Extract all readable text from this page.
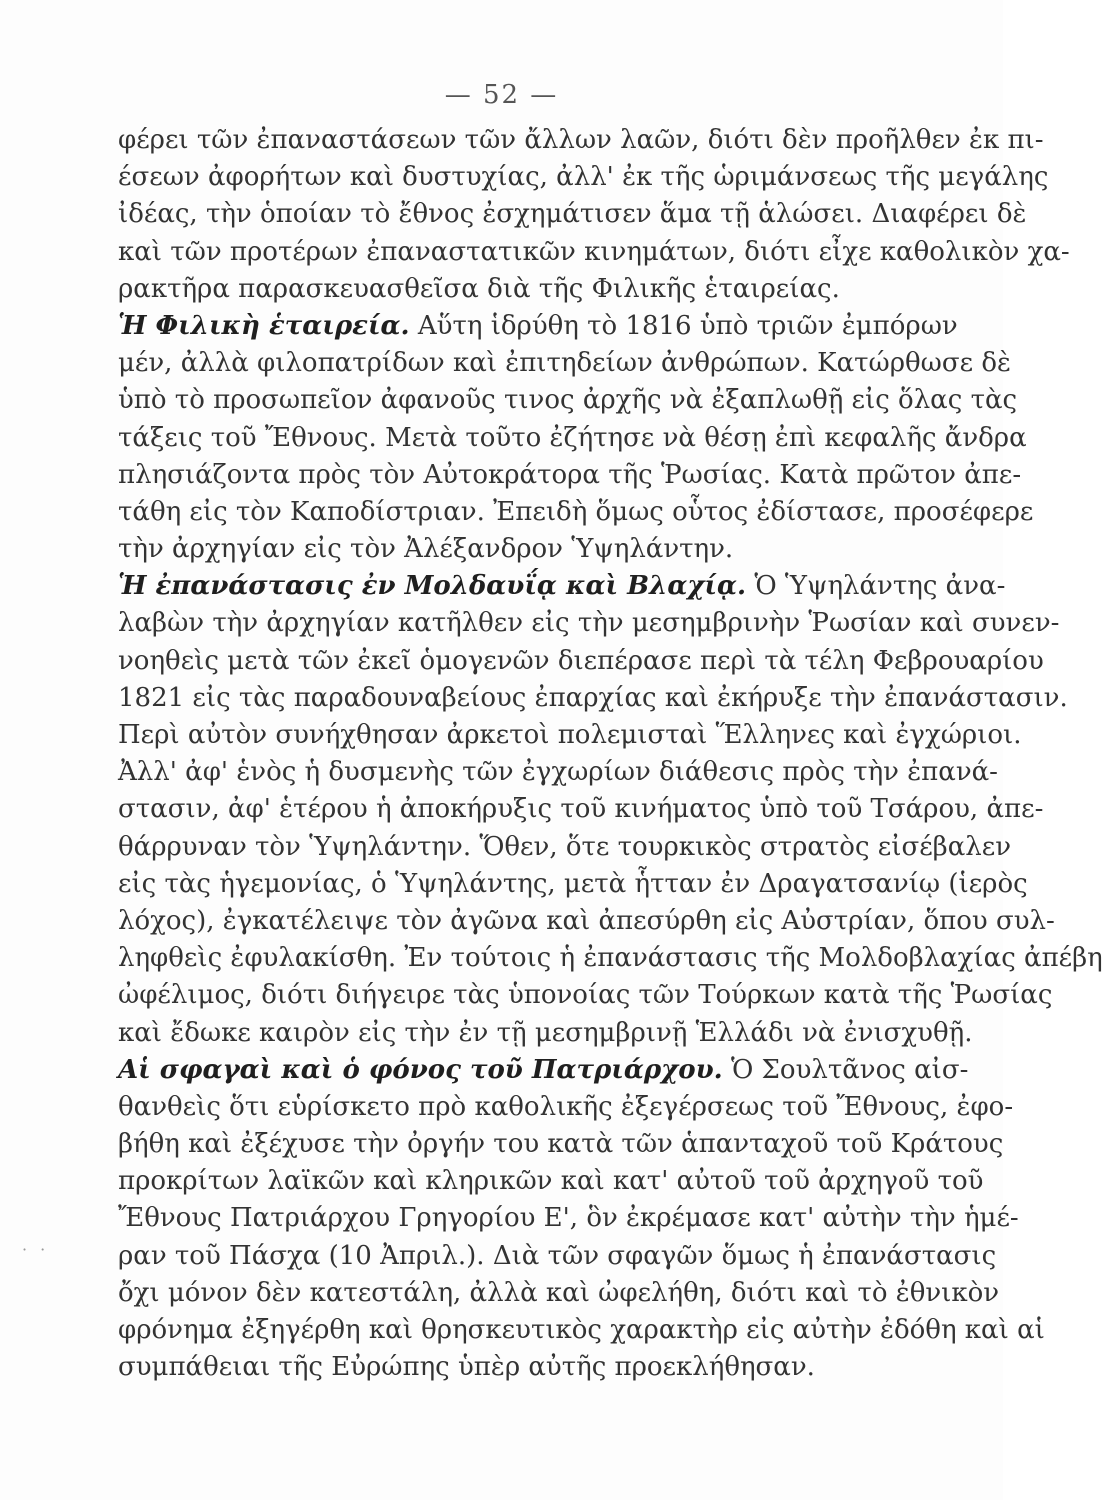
— 52 —
φέρει τῶν ἐπαναστάσεων τῶν ἄλλων λαῶν, διότι δὲν προῆλθεν ἐκ πι-
έσεων ἀφορήτων καὶ δυστυχίας, ἀλλ' ἐκ τῆς ὡριμάνσεως τῆς μεγάλης
ἰδέας, τὴν ὁποίαν τὸ ἔθνος ἐσχημάτισεν ἅμα τῇ ἁλώσει. Διαφέρει δὲ
καὶ τῶν προτέρων ἐπαναστατικῶν κινημάτων, διότι εἶχε καθολικὸν χα-
ρακτῆρα παρασκευασθεῖσα διὰ τῆς Φιλικῆς ἑταιρείας.
Ἡ Φιλικὴ ἑταιρεία. Αὕτη ἱδρύθη τὸ 1816 ὑπὸ τριῶν ἐμπόρων
μέν, ἀλλὰ φιλοπατρίδων καὶ ἐπιτηδείων ἀνθρώπων. Κατώρθωσε δὲ
ὑπὸ τὸ προσωπεῖον ἀφανοῦς τινος ἀρχῆς νὰ ἐξαπλωθῇ εἰς ὅλας τὰς
τάξεις τοῦ Ἔθνους. Μετὰ τοῦτο ἐζήτησε νὰ θέσῃ ἐπὶ κεφαλῆς ἄνδρα
πλησιάζοντα πρὸς τὸν Αὐτοκράτορα τῆς Ῥωσίας. Κατὰ πρῶτον ἀπε-
τάθη εἰς τὸν Καποδίστριαν. Ἐπειδὴ ὅμως οὗτος ἐδίστασε, προσέφερε
τὴν ἀρχηγίαν εἰς τὸν Ἀλέξανδρον Ὑψηλάντην.
Ἡ ἐπανάστασις ἐν Μολδαυΐᾳ καὶ Βλαχίᾳ. Ὁ Ὑψηλάντης ἀνα-
λαβὼν τὴν ἀρχηγίαν κατῆλθεν εἰς τὴν μεσημβρινὴν Ῥωσίαν καὶ συνεν-
νοηθεὶς μετὰ τῶν ἐκεῖ ὁμογενῶν διεπέρασε περὶ τὰ τέλη Φεβρουαρίου
1821 εἰς τὰς παραδουναβείους ἐπαρχίας καὶ ἐκήρυξε τὴν ἐπανάστασιν.
Περὶ αὐτὸν συνήχθησαν ἀρκετοὶ πολεμισταὶ Ἕλληνες καὶ ἐγχώριοι.
Ἀλλ' ἀφ' ἑνὸς ἡ δυσμενὴς τῶν ἐγχωρίων διάθεσις πρὸς τὴν ἐπανά-
στασιν, ἀφ' ἑτέρου ἡ ἀποκήρυξις τοῦ κινήματος ὑπὸ τοῦ Τσάρου, ἀπε-
θάρρυναν τὸν Ὑψηλάντην. Ὅθεν, ὅτε τουρκικὸς στρατὸς εἰσέβαλεν
εἰς τὰς ἡγεμονίας, ὁ Ὑψηλάντης, μετὰ ἧτταν ἐν Δραγατσανίῳ (ἱερὸς
λόχος), ἐγκατέλειψε τὸν ἀγῶνα καὶ ἀπεσύρθη εἰς Αὐστρίαν, ὅπου συλ-
ληφθεὶς ἐφυλακίσθη. Ἐν τούτοις ἡ ἐπανάστασις τῆς Μολδοβλαχίας ἀπέβη
ὠφέλιμος, διότι διήγειρε τὰς ὑπονοίας τῶν Τούρκων κατὰ τῆς Ῥωσίας
καὶ ἔδωκε καιρὸν εἰς τὴν ἐν τῇ μεσημβρινῇ Ἑλλάδι νὰ ἐνισχυθῇ.
Αἱ σφαγαὶ καὶ ὁ φόνος τοῦ Πατριάρχου. Ὁ Σουλτᾶνος αἰσ-
θανθεὶς ὅτι εὑρίσκετο πρὸ καθολικῆς ἐξεγέρσεως τοῦ Ἔθνους, ἐφο-
βήθη καὶ ἐξέχυσε τὴν ὀργήν του κατὰ τῶν ἁπανταχοῦ τοῦ Κράτους
προκρίτων λαϊκῶν καὶ κληρικῶν καὶ κατ' αὐτοῦ τοῦ ἀρχηγοῦ τοῦ
Ἔθνους Πατριάρχου Γρηγορίου Ε', ὃν ἐκρέμασε κατ' αὐτὴν τὴν ἡμέ-
ραν τοῦ Πάσχα (10 Ἀπριλ.). Διὰ τῶν σφαγῶν ὅμως ἡ ἐπανάστασις
ὄχι μόνον δὲν κατεστάλη, ἀλλὰ καὶ ὠφελήθη, διότι καὶ τὸ ἐθνικὸν
φρόνημα ἐξηγέρθη καὶ θρησκευτικὸς χαρακτὴρ εἰς αὐτὴν ἐδόθη καὶ αἱ
συμπάθειαι τῆς Εὐρώπης ὑπὲρ αὐτῆς προεκλήθησαν.
· ·
